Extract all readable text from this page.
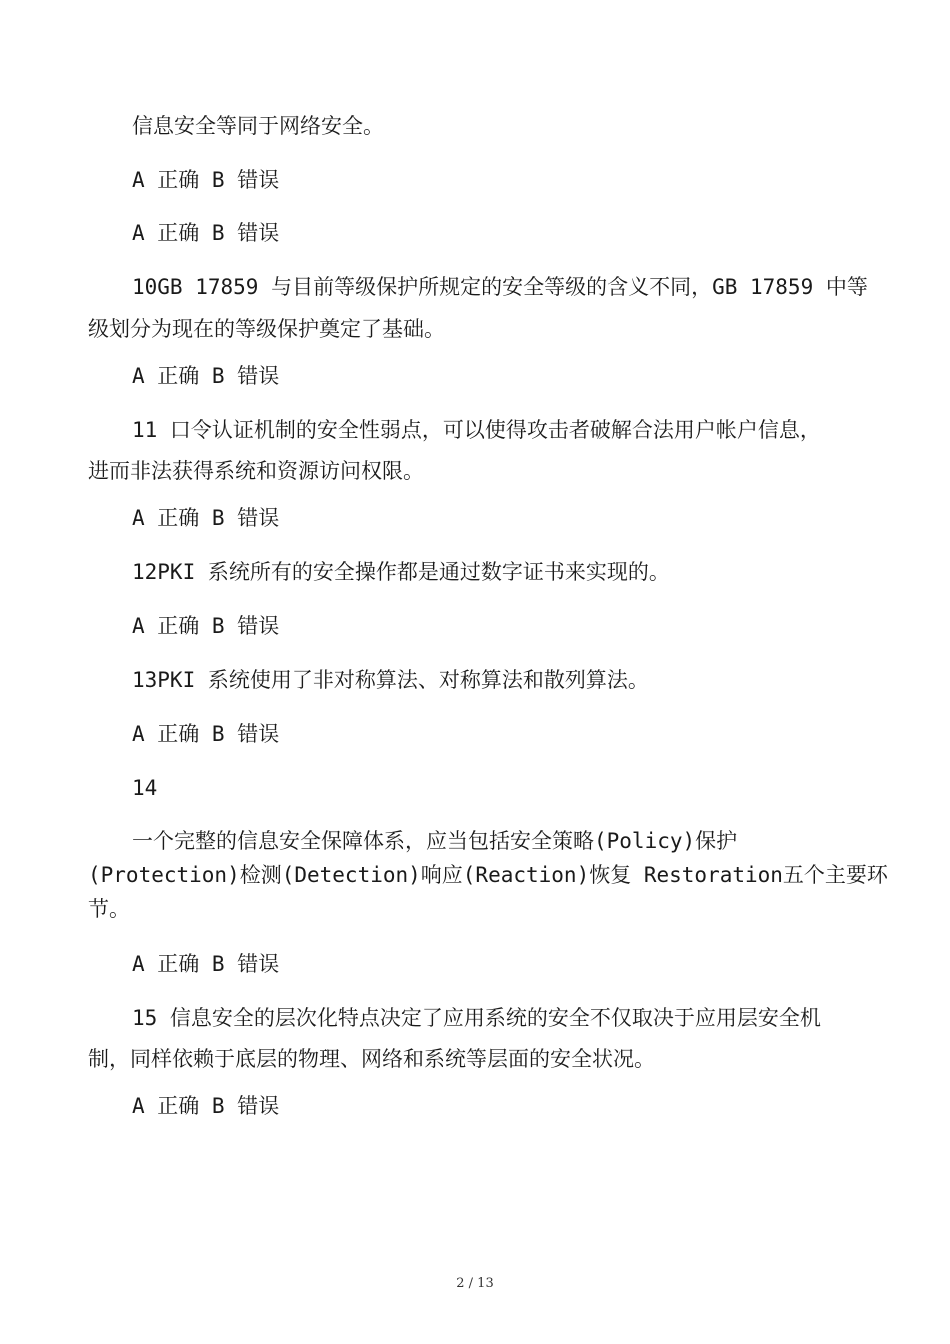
信息安全等同于网络安全。
A 正确 B 错误
A 正确 B 错误
10GB 17859 与目前等级保护所规定的安全等级的含义不同，GB 17859 中等
级划分为现在的等级保护奠定了基础。
A 正确 B 错误
11 口令认证机制的安全性弱点，可以使得攻击者破解合法用户帐户信息，
进而非法获得系统和资源访问权限。
A 正确 B 错误
12PKI 系统所有的安全操作都是通过数字证书来实现的。
A 正确 B 错误
13PKI 系统使用了非对称算法、对称算法和散列算法。
A 正确 B 错误
14
一个完整的信息安全保障体系，应当包括安全策略(Policy)保护
(Protection)检测(Detection)响应(Reaction)恢复 Restoration五个主要环
节。
A 正确 B 错误
15 信息安全的层次化特点决定了应用系统的安全不仅取决于应用层安全机
制，同样依赖于底层的物理、网络和系统等层面的安全状况。
A 正确 B 错误
2 / 13
